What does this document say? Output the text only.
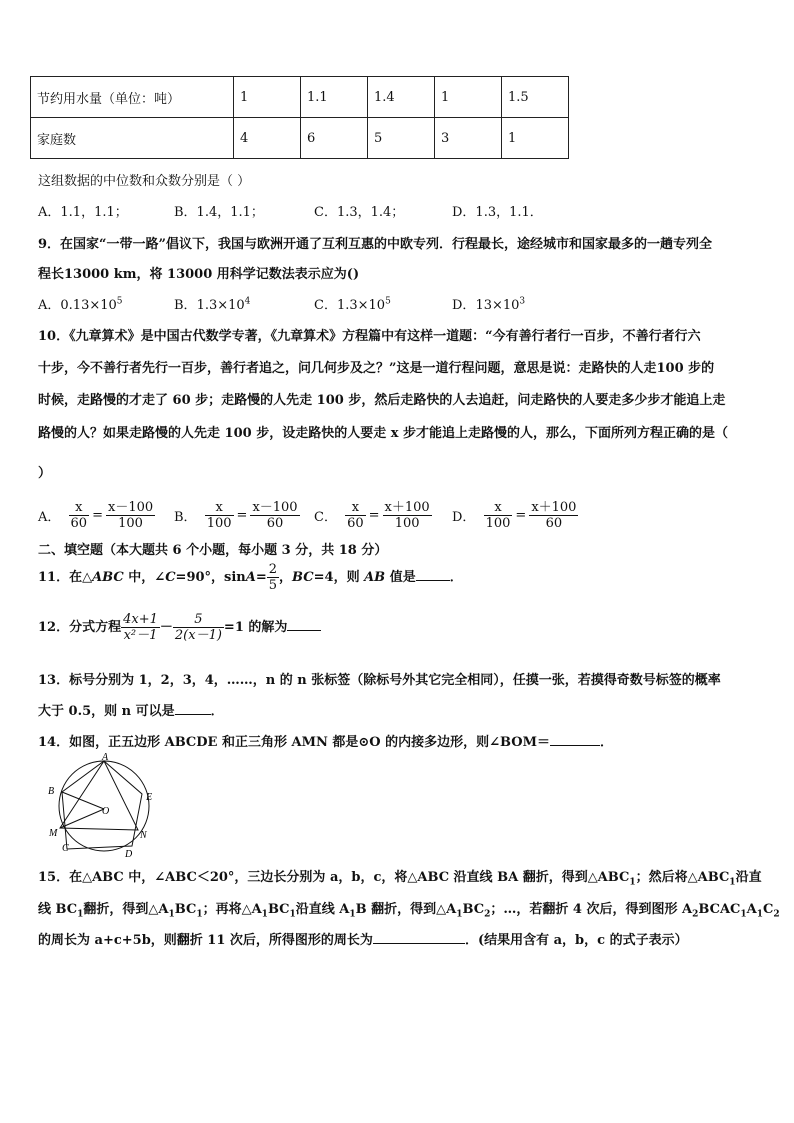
节约用水量（单位：吨）	1	1.1	1.4	1	1.5
家庭数	4	6	5	3	1
这组数据的中位数和众数分别是（ ）
A．1.1，1.1；	B．1.4，1.1；	C．1.3，1.4；	D．1.3，1.1．
9．在国家“一带一路”倡议下，我国与欧洲开通了互利互惠的中欧专列．行程最长，途经城市和国家最多的一趟专列全
程长13000 km，将 13000 用科学记数法表示应为()
A．$0.13\times 10^5$	B．$1.3\times 10^4$	C．$1.3\times 10^5$	D．$13\times 10^3$
10．《九章算术》是中国古代数学专著，《九章算术》方程篇中有这样一道题：“今有善行者行一百步，不善行者行六
十步，今不善行者先行一百步，善行者追之，问几何步及之？”这是一道行程问题，意思是说：走路快的人走100 步的
时候，走路慢的才走了 60 步；走路慢的人先走 100 步，然后走路快的人去追赶，问走路快的人要走多少步才能追上走
路慢的人？如果走路慢的人先走 100 步，设走路快的人要走 x 步才能追上走路慢的人，那么，下面所列方程正确的是（
）
A． $\frac{x}{60} = \frac{x-100}{100}$ B． $\frac{x}{100} = \frac{x-100}{60}$ C． $\frac{x}{60} = \frac{x+100}{100}$ D． $\frac{x}{100} = \frac{x+100}{60}$
二、填空题（本大题共 6 个小题，每小题 3 分，共 18 分）
11．在△ABC 中，∠C=90°，$\sin A= \frac{2}{5}$ ，BC=4，则 AB 值是	．
12．分式方程 $\frac{4x+1}{\text{x²－1}} - \frac{5}{2(x-1)} =1$ 的解为
13．标号分别为 1，2，3，4，……，n 的 n 张标签（除标号外其它完全相同），任摸一张，若摸得奇数号标签的概率
大于 0.5，则 n 可以是	．
14．如图，正五边形 ABCDE 和正三角形 AMN 都是⊙O 的内接多边形，则∠BOM＝	．
A
B
E
O
M	N
C
D
15．在△ABC 中，∠ABC＜20°，三边长分别为 a，b，c，将△ABC 沿直线 BA 翻折，得到$\triangle ABC_1$；然后将$\triangle ABC_1$沿直
线 $BC_1$翻折，得到$\triangle A_1BC_1$；再将$\triangle A_1BC_1$沿直线 $A_1B$ 翻折，得到$\triangle A_1BC_2$；…，若翻折 4 次后，得到图形 $A_2BCAC_1A_1C_2$
的周长为 a+c+5b，则翻折 11 次后，所得图形的周长为	．(结果用含有 a，b，c 的式子表示）
